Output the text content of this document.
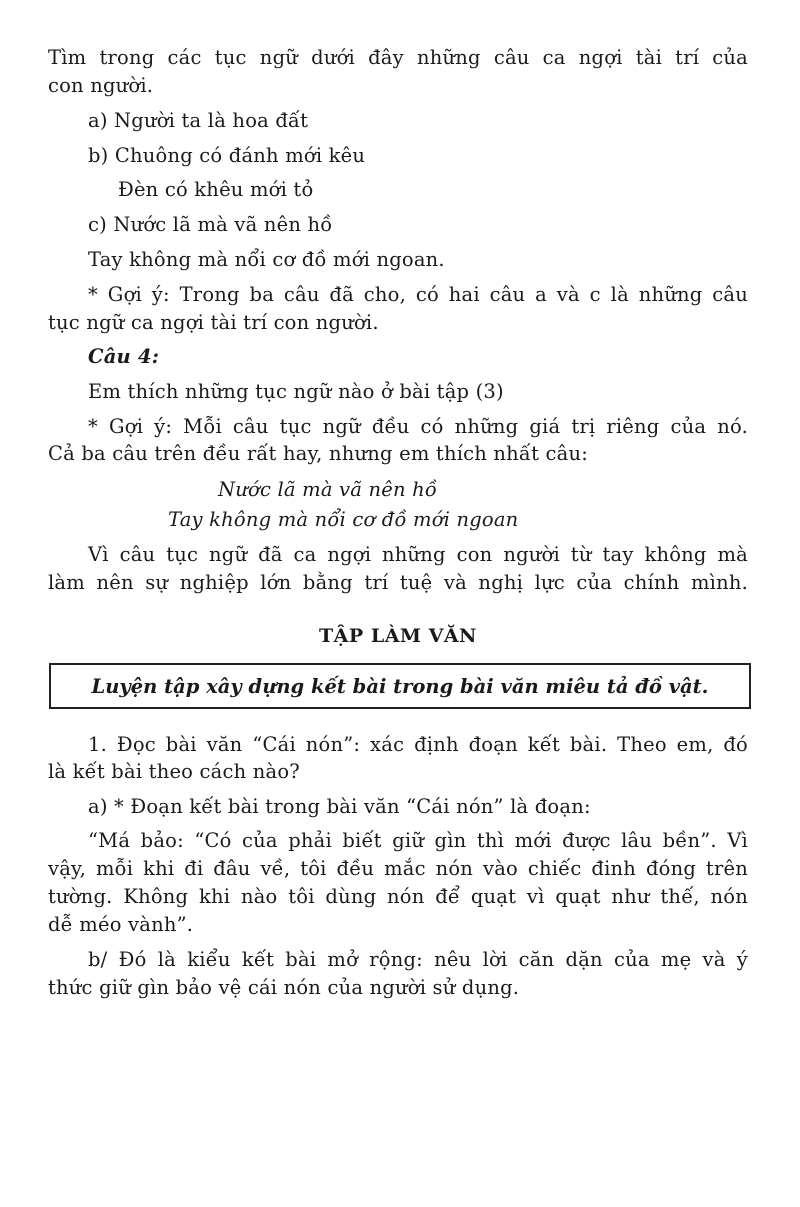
Tìm trong các tục ngữ dưới đây những câu ca ngợi tài trí của
con người.
a) Người ta là hoa đất
b) Chuông có đánh mới kêu
Đèn có khêu mới tỏ
c) Nước lã mà vã nên hồ
Tay không mà nổi cơ đồ mới ngoan.
* Gợi ý: Trong ba câu đã cho, có hai câu a và c là những câu
tục ngữ ca ngợi tài trí con người.
Câu 4:
Em thích những tục ngữ nào ở bài tập (3)
* Gợi ý: Mỗi câu tục ngữ đều có những giá trị riêng của nó.
Cả ba câu trên đều rất hay, nhưng em thích nhất câu:
Nước lã mà vã nên hồ
Tay không mà nổi cơ đồ mới ngoan
Vì câu tục ngữ đã ca ngợi những con người từ tay không mà
làm nên sự nghiệp lớn bằng trí tuệ và nghị lực của chính mình.
TẬP LÀM VĂN
Luyện tập xây dựng kết bài trong bài văn miêu tả đồ vật.
1. Đọc bài văn “Cái nón”: xác định đoạn kết bài. Theo em, đó
là kết bài theo cách nào?
a) * Đoạn kết bài trong bài văn “Cái nón” là đoạn:
“Má bảo: “Có của phải biết giữ gìn thì mới được lâu bền”. Vì
vậy, mỗi khi đi đâu về, tôi đều mắc nón vào chiếc đinh đóng trên
tường. Không khi nào tôi dùng nón để quạt vì quạt như thế, nón
dễ méo vành”.
b/ Đó là kiểu kết bài mở rộng: nêu lời căn dặn của mẹ và ý
thức giữ gìn bảo vệ cái nón của người sử dụng.
